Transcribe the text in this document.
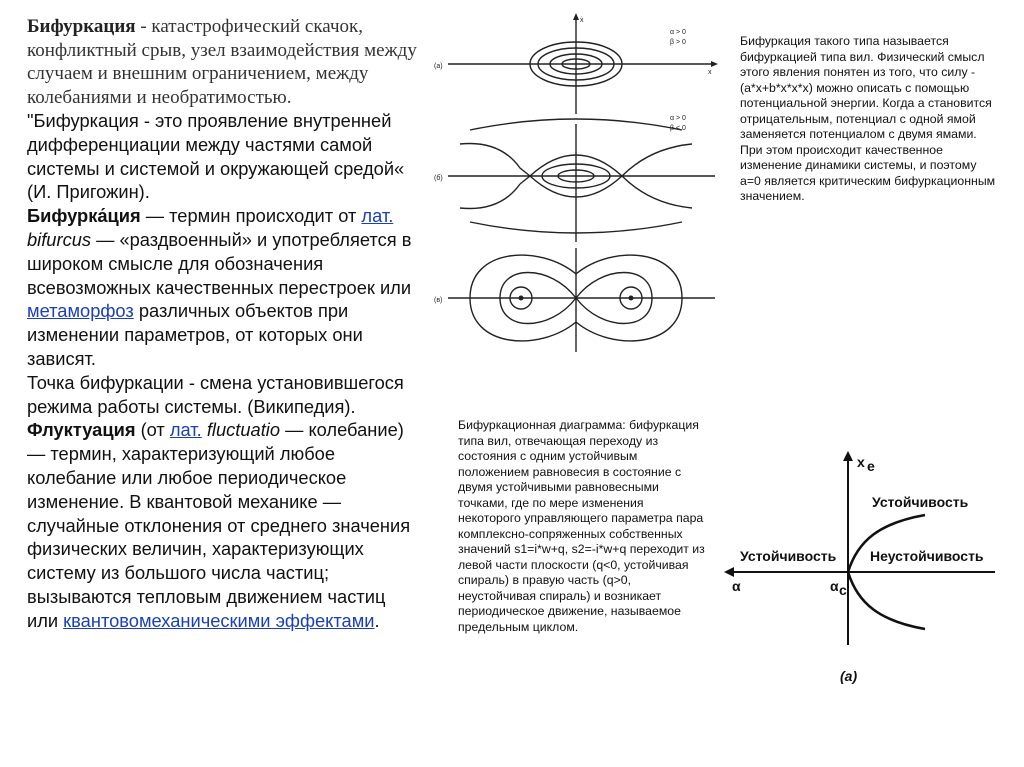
Бифуркация - катастрофический скачок, конфликтный срыв, узел взаимодействия между случаем и внешним ограничением, между колебаниями и необратимостью.
"Бифуркация - это проявление внутренней дифференциации между частями самой системы и системой и окружающей средой« (И. Пригожин).
Бифурка́ция — термин происходит от лат. bifurcus — «раздвоенный» и употребляется в широком смысле для обозначения всевозможных качественных перестроек или метаморфоз различных объектов при изменении параметров, от которых они зависят.
Точка бифуркации - смена установившегося режима работы системы. (Википедия).
Флуктуация (от лат. fluctuatio — колебание) — термин, характеризующий любое колебание или любое периодическое изменение. В квантовой механике — случайные отклонения от среднего значения физических величин, характеризующих систему из большого числа частиц; вызываются тепловым движением частиц или квантовомеханическими эффектами.
(a)
α > 0
β > 0
x
ẋ
(б)
α > 0
β < 0
(в)
Бифуркация такого типа называется бифуркацией типа вил. Физический смысл этого явления понятен из того, что силу -(a*x+b*x*x*x) можно описать с помощью потенциальной энергии. Когда a становится отрицательным, потенциал с одной ямой заменяется потенциалом с двумя ямами. При этом происходит качественное изменение динамики системы, и поэтому a=0 является критическим бифуркационным значением.
Бифуркационная диаграмма: бифуркация типа вил, отвечающая переходу из состояния с одним устойчивым положением равновесия в состояние с двумя устойчивыми равновесными точками, где по мере изменения некоторого управляющего параметра пара комплексно-сопряженных собственных значений s1=i*w+q, s2=-i*w+q переходит из левой части плоскости (q<0, устойчивая спираль) в правую часть (q>0, неустойчивая спираль) и возникает периодическое движение, называемое предельным циклом.
x e
Устойчивость
Устойчивость Неустойчивость
α	α c
(a)
